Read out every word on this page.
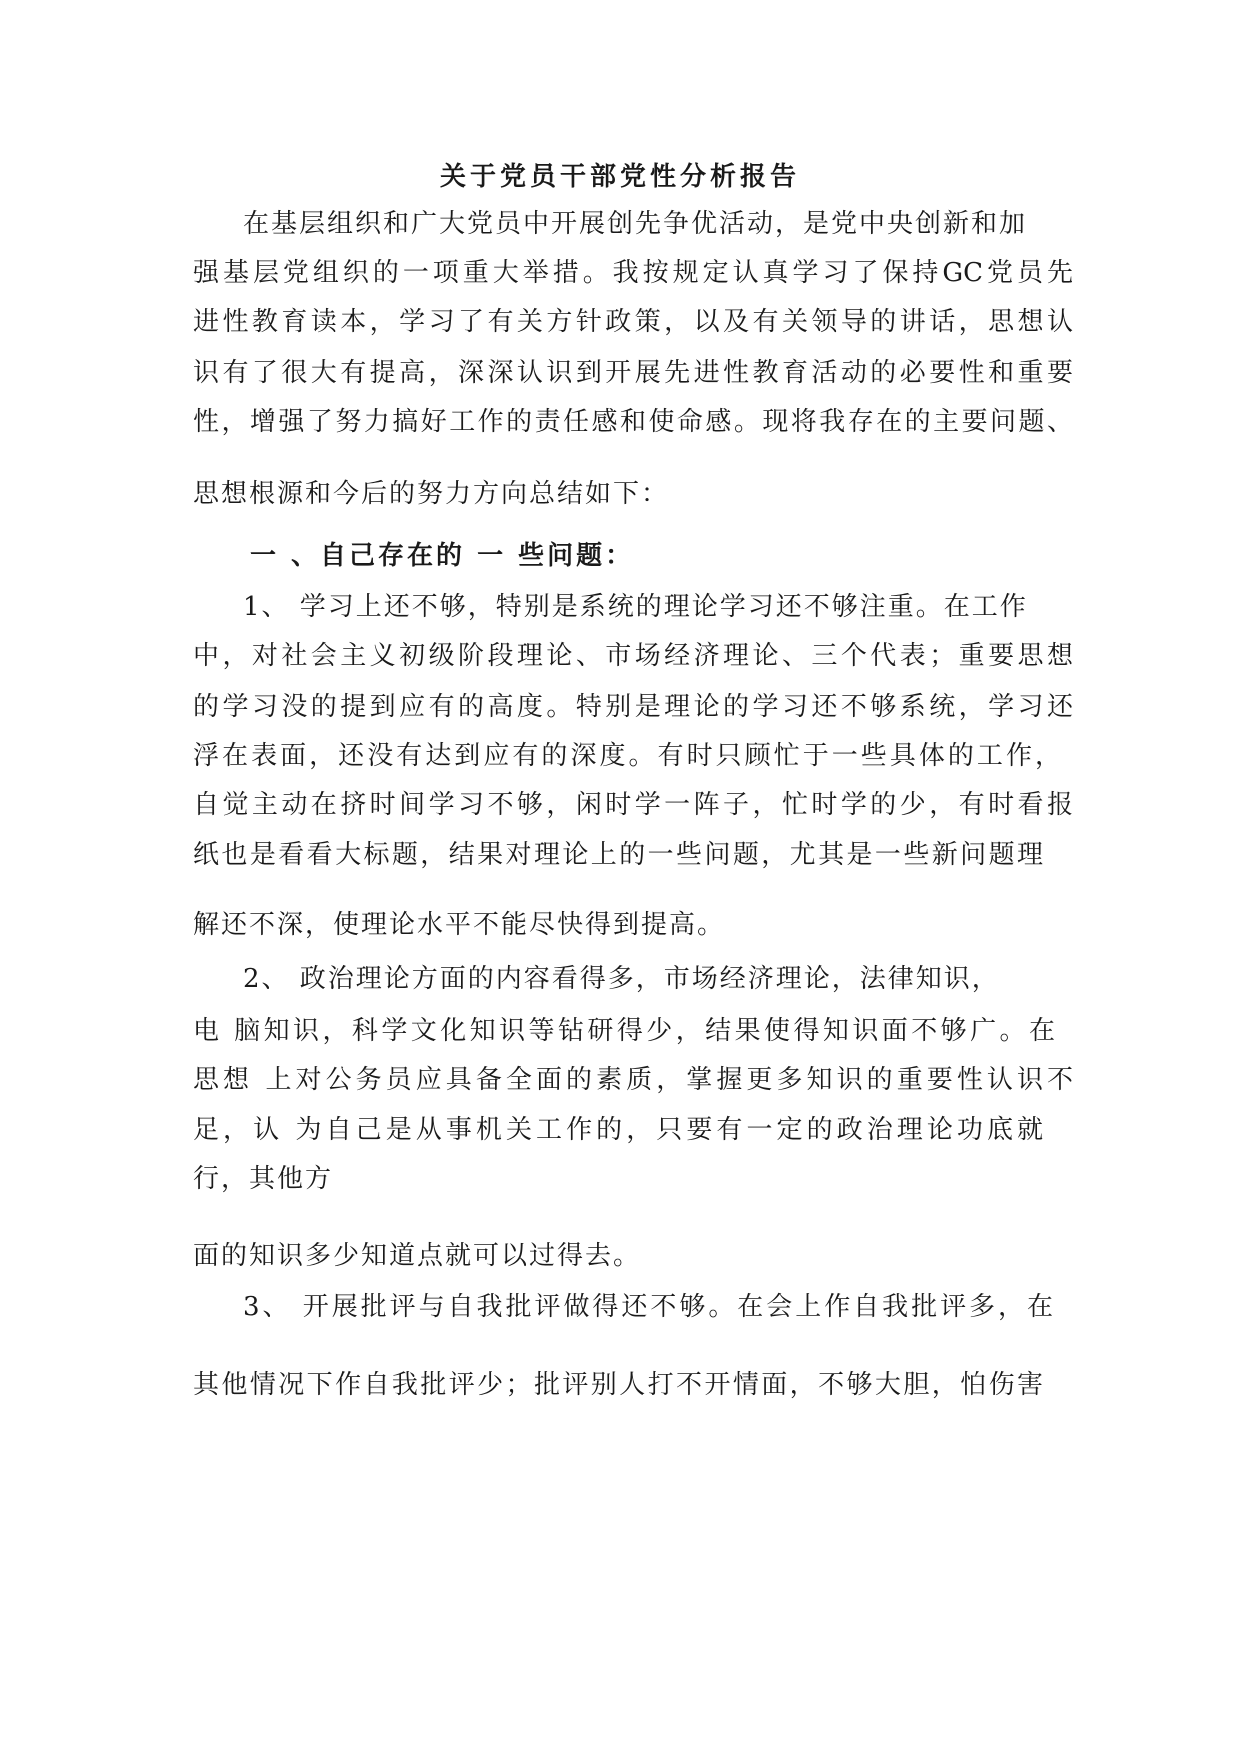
关于党员干部党性分析报告
在基层组织和广大党员中开展创先争优活动，是党中央创新和加
强基层党组织的一项重大举措。我按规定认真学习了保持GC党员先
进性教育读本，学习了有关方针政策，以及有关领导的讲话，思想认
识有了很大有提高，深深认识到开展先进性教育活动的必要性和重要
性，增强了努力搞好工作的责任感和使命感。现将我存在的主要问题、
思想根源和今后的努力方向总结如下：
一 、自己存在的 一 些问题：
1、 学习上还不够，特别是系统的理论学习还不够注重。在工作
中，对社会主义初级阶段理论、市场经济理论、三个代表；重要思想
的学习没的提到应有的高度。特别是理论的学习还不够系统，学习还
浮在表面，还没有达到应有的深度。有时只顾忙于一些具体的工作，
自觉主动在挤时间学习不够，闲时学一阵子，忙时学的少，有时看报
纸也是看看大标题，结果对理论上的一些问题，尤其是一些新问题理
解还不深，使理论水平不能尽快得到提高。
2、 政治理论方面的内容看得多，市场经济理论，法律知识，
电 脑知识，科学文化知识等钻研得少，结果使得知识面不够广。在
思想 上对公务员应具备全面的素质，掌握更多知识的重要性认识不
足，认 为自己是从事机关工作的，只要有一定的政治理论功底就
行，其他方
面的知识多少知道点就可以过得去。
3、 开展批评与自我批评做得还不够。在会上作自我批评多，在
其他情况下作自我批评少；批评别人打不开情面，不够大胆，怕伤害
